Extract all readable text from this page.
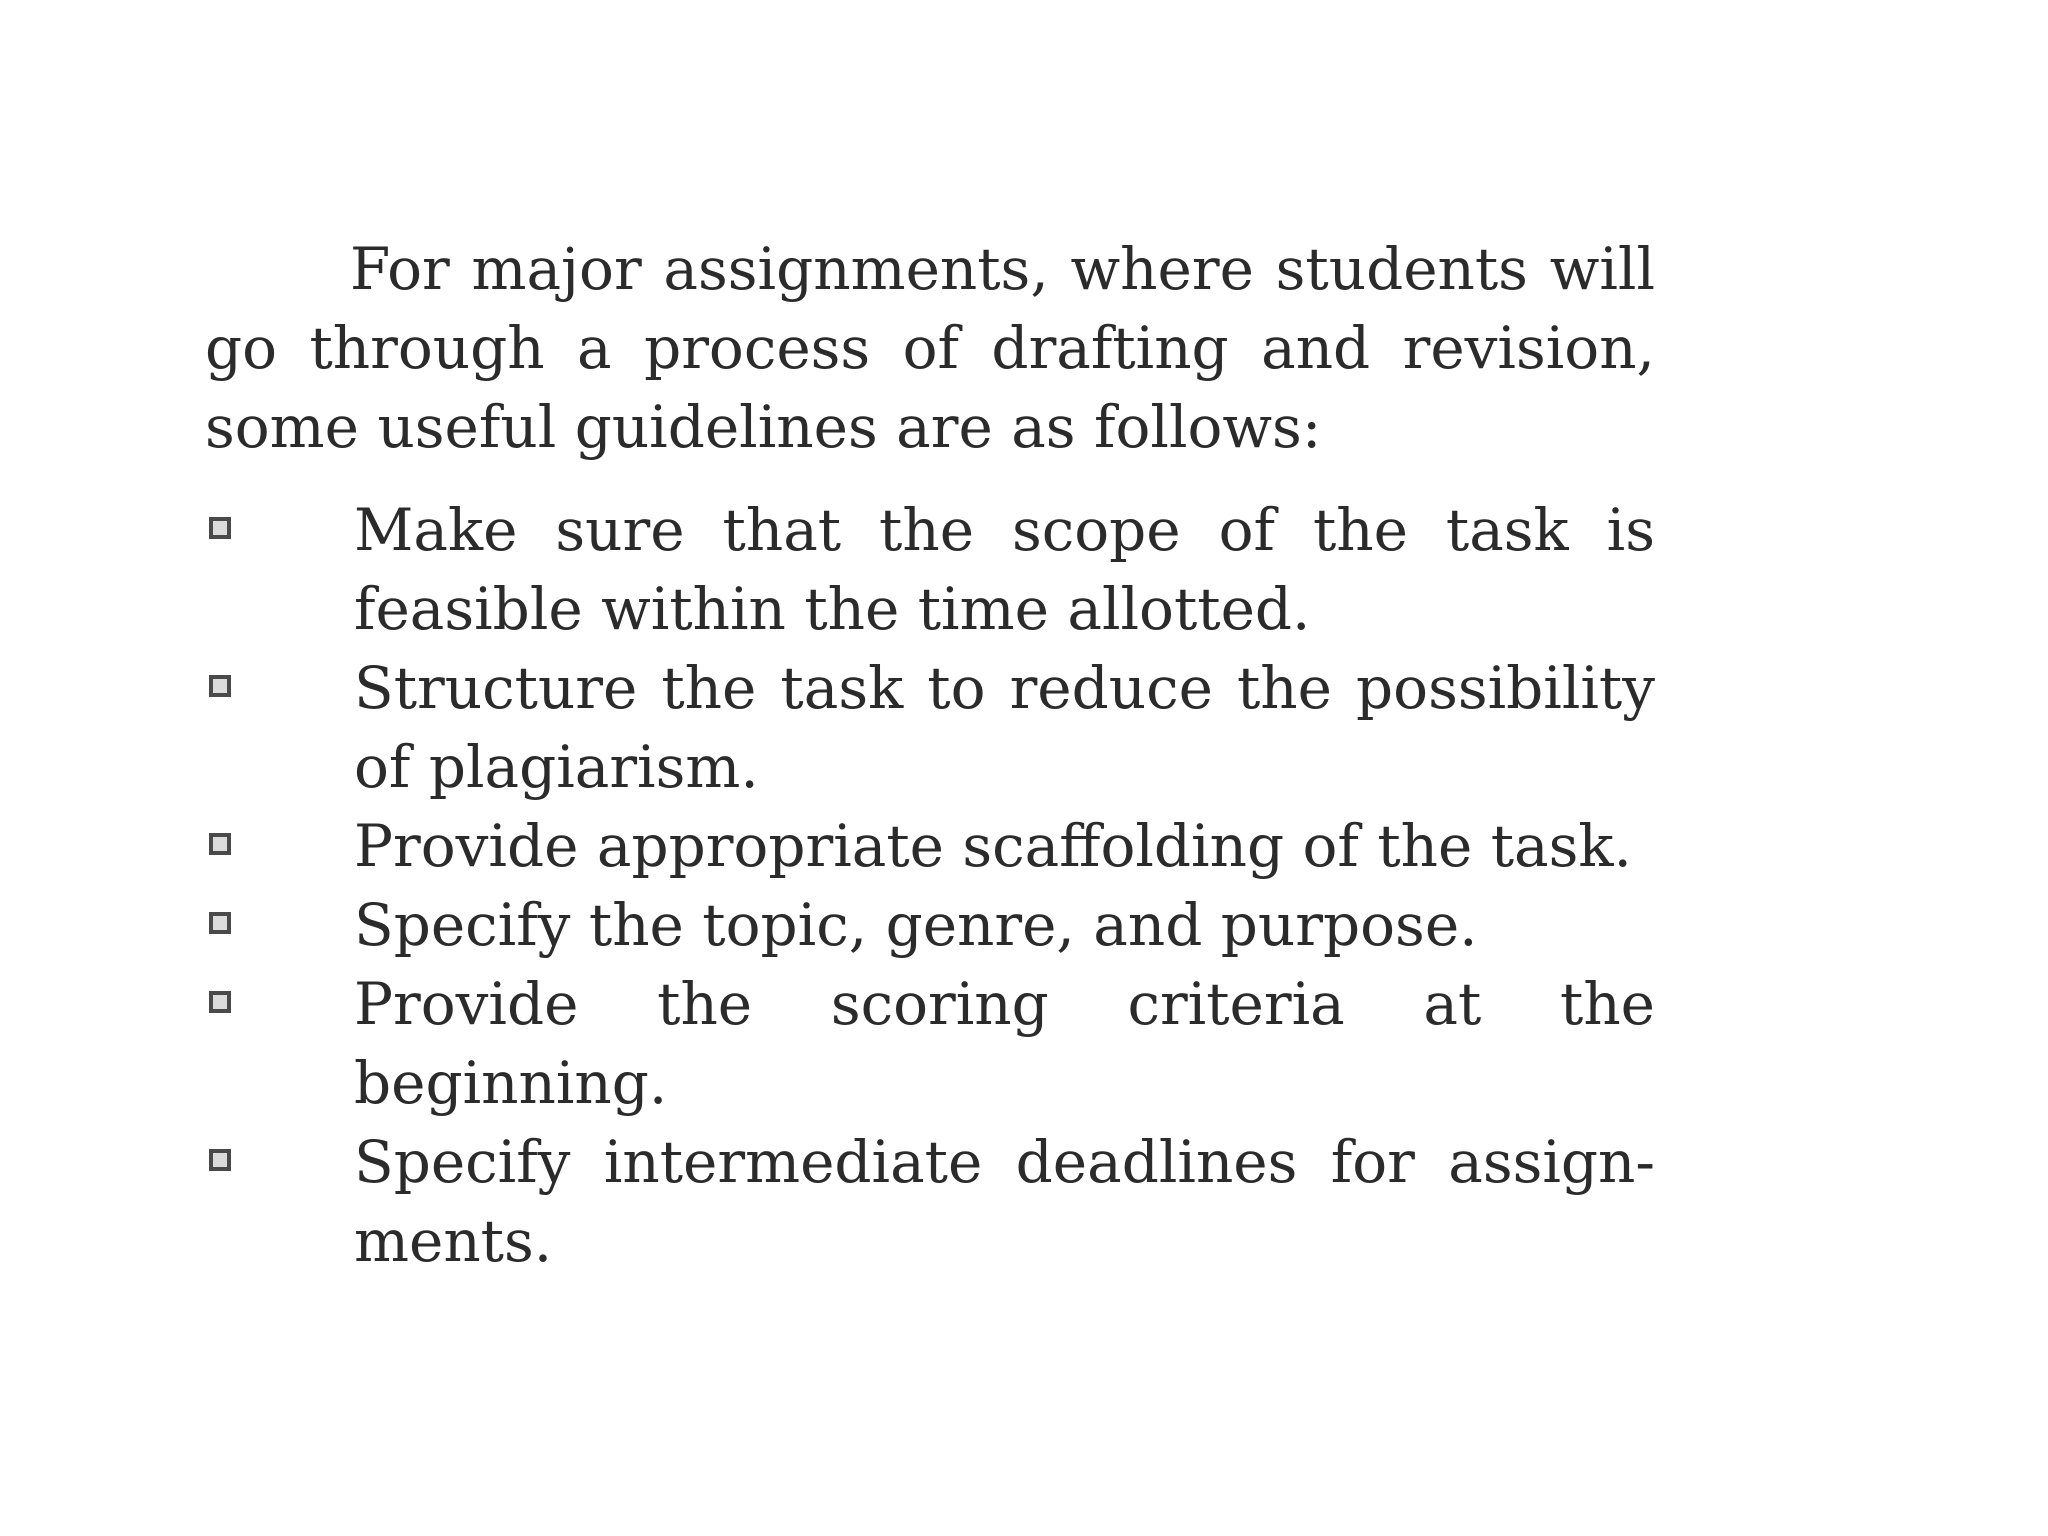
For major assignments, where students will go through a process of drafting and revision, some useful guidelines are as follows:

Make sure that the scope of the task is feasible within the time allotted.
Structure the task to reduce the possibility of plagiarism.
Provide appropriate scaffolding of the task.
Specify the topic, genre, and purpose.
Provide the scoring criteria at the beginning.
Specify intermediate deadlines for assignments.
